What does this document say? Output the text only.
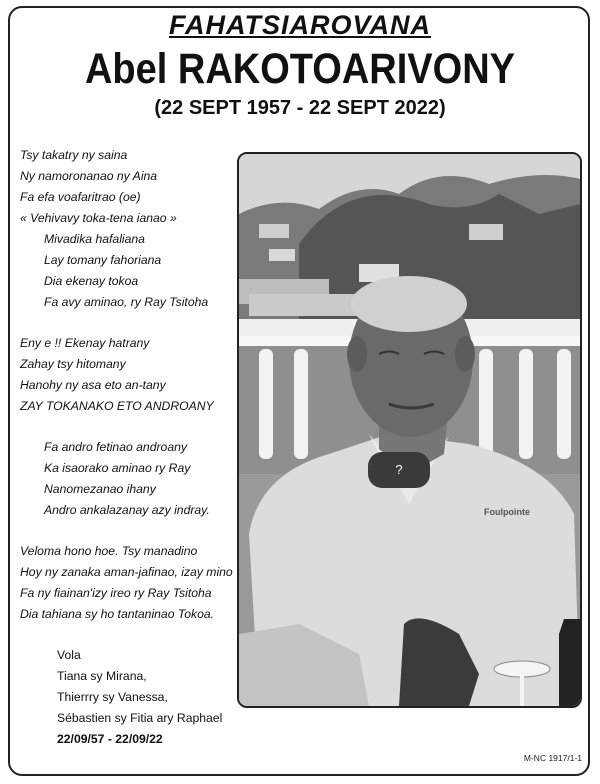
FAHATSIAROVANA
Abel RAKOTOARIVONY
(22 SEPT 1957 - 22 SEPT 2022)
Tsy takatry ny saina
Ny namoronanao ny Aina
Fa efa voafaritrao (oe)
« Vehivavy toka-tena ianao »
Mivadika hafaliana
Lay tomany fahoriana
Dia ekenay tokoa
Fa avy aminao, ry Ray Tsitoha
Eny e !! Ekenay hatrany
Zahay tsy hitomany
Hanohy ny asa eto an-tany
ZAY TOKANAKO ETO ANDROANY
Fa andro fetinao androany
Ka isaorako aminao ry Ray
Nanomezanao ihany
Andro ankalazanay azy indray.
Veloma hono hoe. Tsy manadino
Hoy ny zanaka aman-jafinao, izay mino
Fa ny fiainan'izy ireo ry Ray Tsitoha
Dia tahiana sy ho tantaninao Tokoa.
Vola
Tiana sy Mirana,
Thierrry sy Vanessa,
Sébastien sy Fitia ary Raphael
22/09/57 - 22/09/22
Foulpointe
?
M-NC 1917/1-1
